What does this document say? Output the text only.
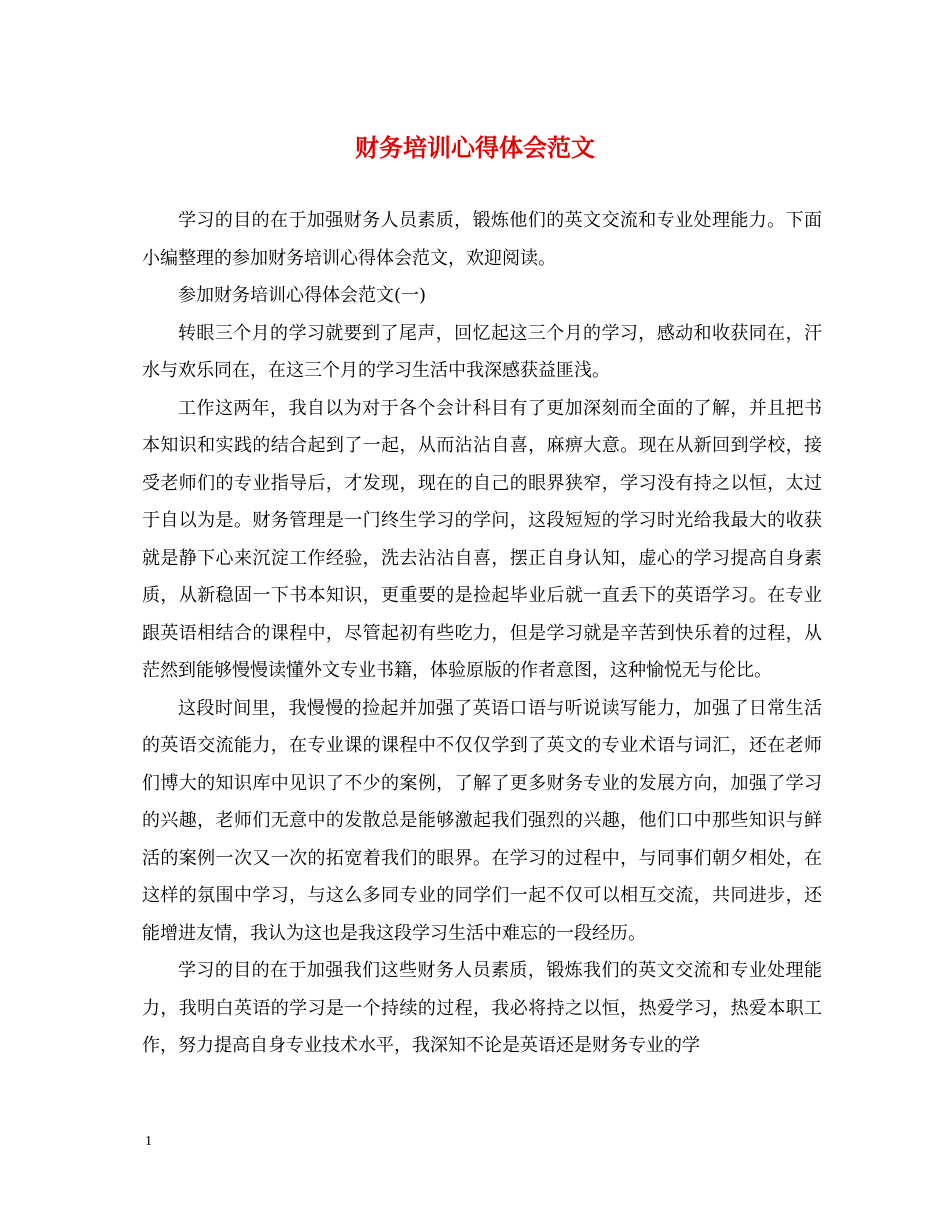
财务培训心得体会范文

学习的目的在于加强财务人员素质，锻炼他们的英文交流和专业处理能力。下面小编整理的参加财务培训心得体会范文，欢迎阅读。

参加财务培训心得体会范文(一)

转眼三个月的学习就要到了尾声，回忆起这三个月的学习，感动和收获同在，汗水与欢乐同在，在这三个月的学习生活中我深感获益匪浅。

工作这两年，我自以为对于各个会计科目有了更加深刻而全面的了解，并且把书本知识和实践的结合起到了一起，从而沾沾自喜，麻痹大意。现在从新回到学校，接受老师们的专业指导后，才发现，现在的自己的眼界狭窄，学习没有持之以恒，太过于自以为是。财务管理是一门终生学习的学问，这段短短的学习时光给我最大的收获就是静下心来沉淀工作经验，洗去沾沾自喜，摆正自身认知，虚心的学习提高自身素质，从新稳固一下书本知识，更重要的是捡起毕业后就一直丢下的英语学习。在专业跟英语相结合的课程中，尽管起初有些吃力，但是学习就是辛苦到快乐着的过程，从茫然到能够慢慢读懂外文专业书籍，体验原版的作者意图，这种愉悦无与伦比。

这段时间里，我慢慢的捡起并加强了英语口语与听说读写能力，加强了日常生活的英语交流能力，在专业课的课程中不仅仅学到了英文的专业术语与词汇，还在老师们博大的知识库中见识了不少的案例，了解了更多财务专业的发展方向，加强了学习的兴趣，老师们无意中的发散总是能够激起我们强烈的兴趣，他们口中那些知识与鲜活的案例一次又一次的拓宽着我们的眼界。在学习的过程中，与同事们朝夕相处，在这样的氛围中学习，与这么多同专业的同学们一起不仅可以相互交流，共同进步，还能增进友情，我认为这也是我这段学习生活中难忘的一段经历。

学习的目的在于加强我们这些财务人员素质，锻炼我们的英文交流和专业处理能力，我明白英语的学习是一个持续的过程，我必将持之以恒，热爱学习，热爱本职工作，努力提高自身专业技术水平，我深知不论是英语还是财务专业的学

1
